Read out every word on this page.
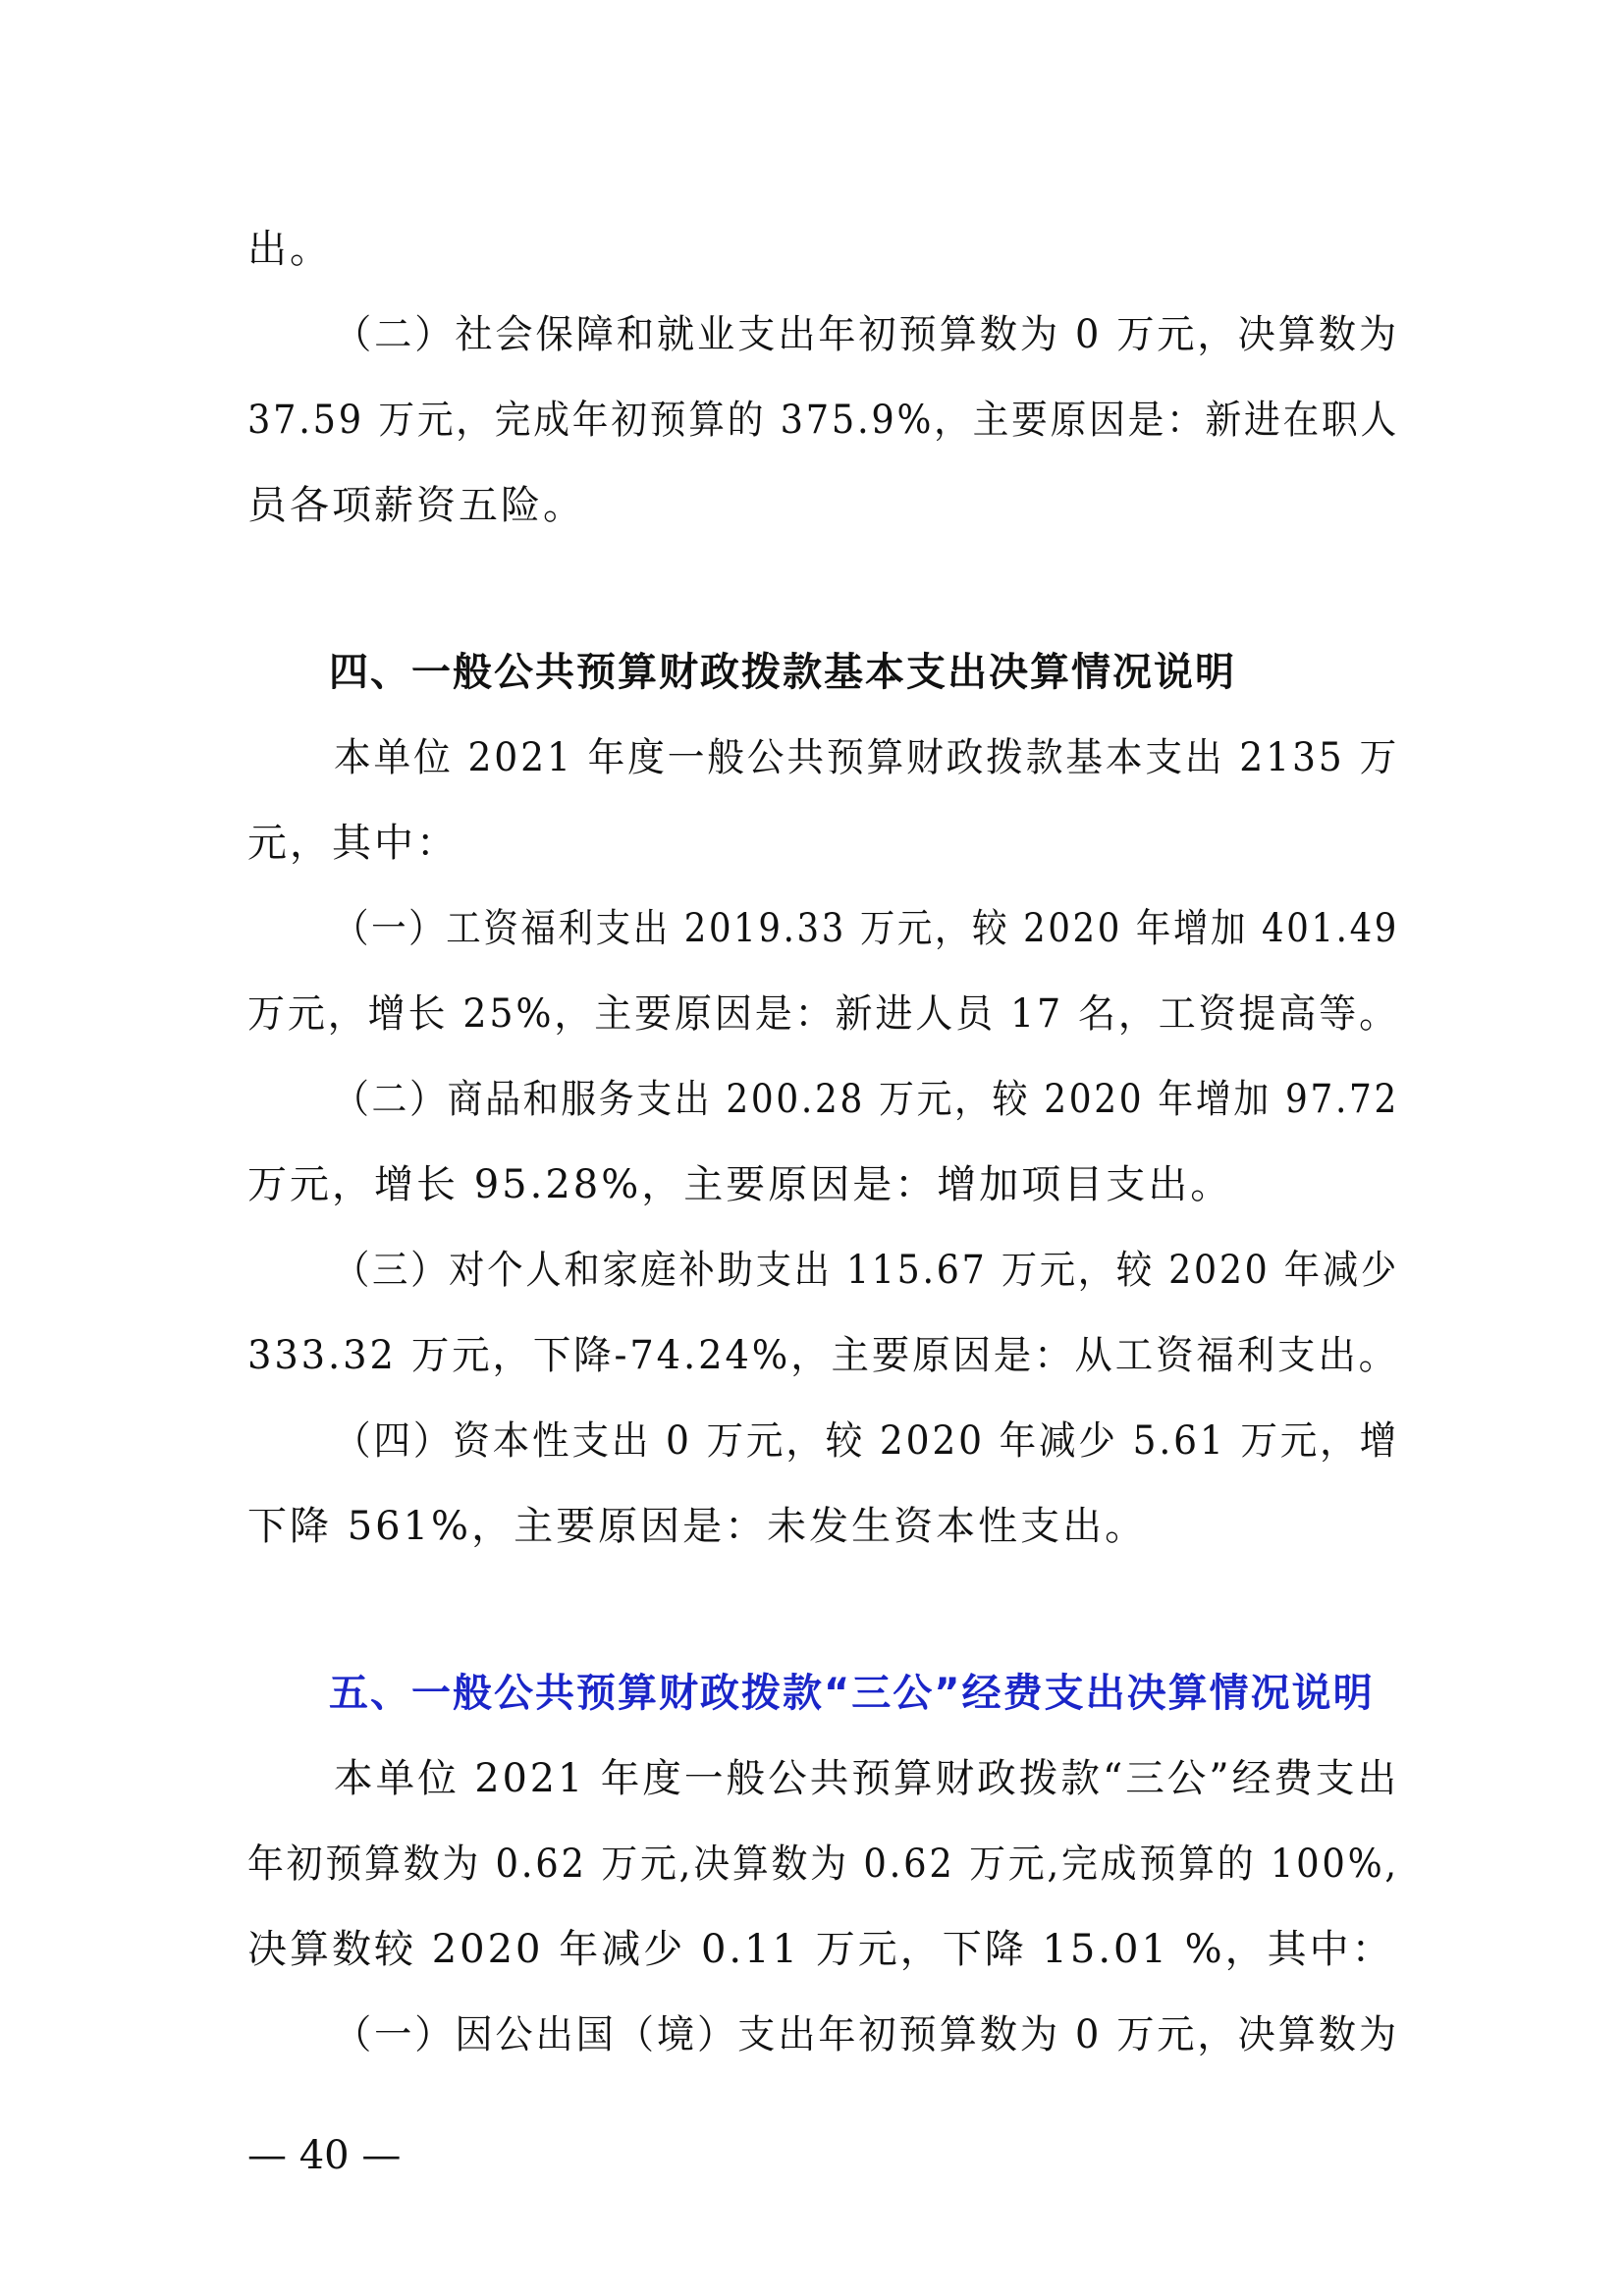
出。
（二）社会保障和就业支出年初预算数为 0 万元，决算数为
37.59 万元，完成年初预算的 375.9%，主要原因是：新进在职人
员各项薪资五险。
四、一般公共预算财政拨款基本支出决算情况说明
本单位 2021 年度一般公共预算财政拨款基本支出 2135 万
元，其中：
（一）工资福利支出 2019.33 万元，较 2020 年增加 401.49
万元，增长 25%，主要原因是：新进人员 17 名，工资提高等。
（二）商品和服务支出 200.28 万元，较 2020 年增加 97.72
万元，增长 95.28%，主要原因是：增加项目支出。
（三）对个人和家庭补助支出 115.67 万元，较 2020 年减少
333.32 万元，下降-74.24%，主要原因是：从工资福利支出。
（四）资本性支出 0 万元，较 2020 年减少 5.61 万元，增
下降 561%，主要原因是：未发生资本性支出。
五、一般公共预算财政拨款“三公”经费支出决算情况说明
本单位 2021 年度一般公共预算财政拨款“三公”经费支出
年初预算数为 0.62 万元,决算数为 0.62 万元,完成预算的 100%,
决算数较 2020 年减少 0.11 万元，下降 15.01 %，其中：
（一）因公出国（境）支出年初预算数为 0 万元，决算数为
— 40 —
